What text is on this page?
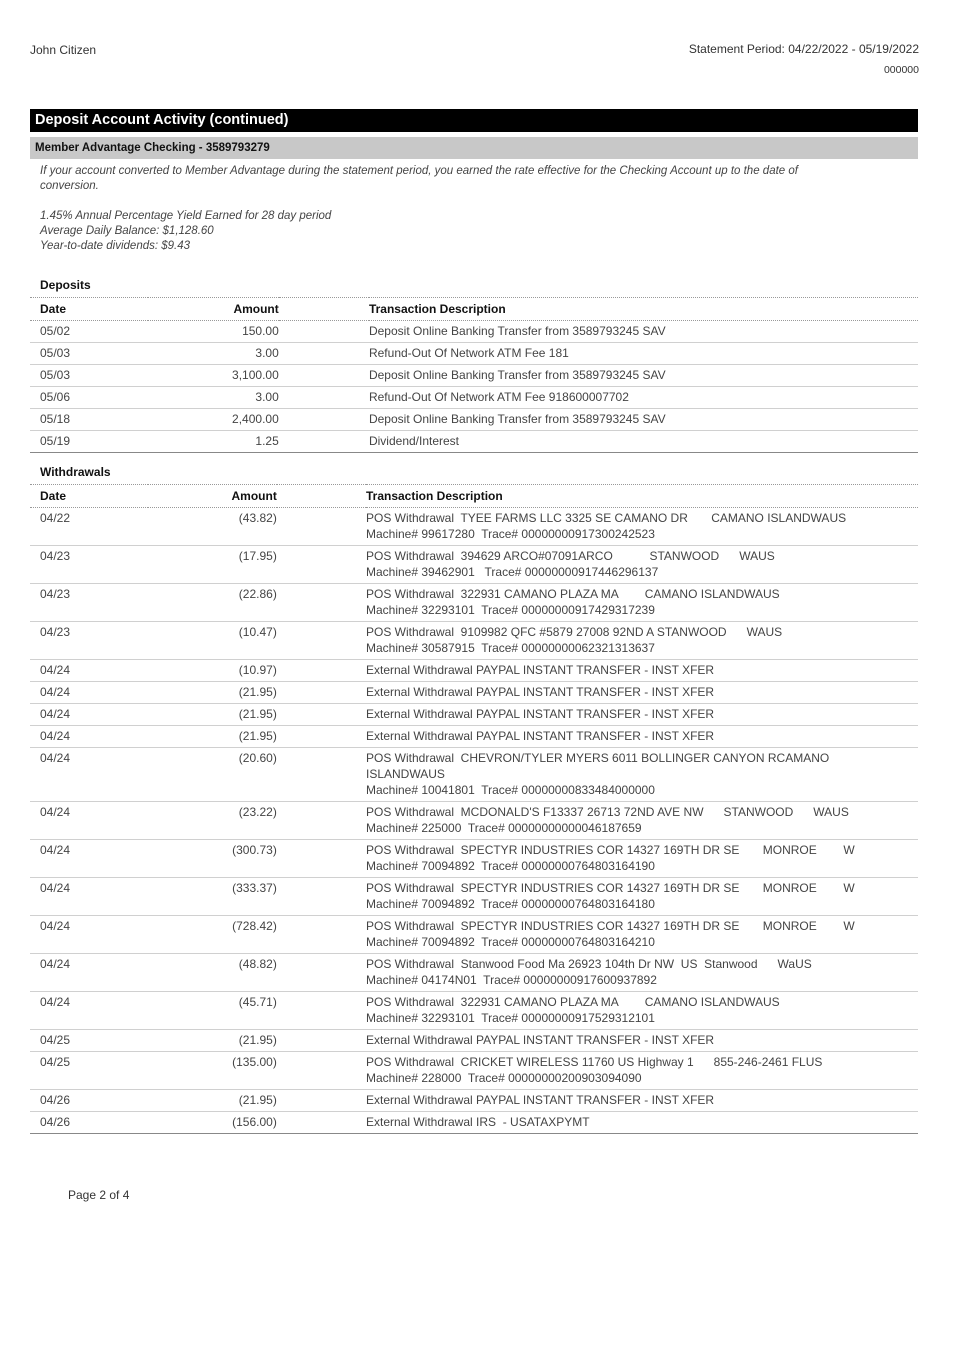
John Citizen	Statement Period: 04/22/2022 - 05/19/2022
000000
Deposit Account Activity (continued)
Member Advantage Checking - 3589793279
If your account converted to Member Advantage during the statement period, you earned the rate effective for the Checking Account up to the date of
conversion.
1.45% Annual Percentage Yield Earned for 28 day period
Average Daily Balance: $1,128.60
Year-to-date dividends: $9.43
Deposits
Date	Amount		Transaction Description
05/02	150.00		Deposit Online Banking Transfer from 3589793245 SAV

05/03	3.00		Refund-Out Of Network ATM Fee 181

05/03	3,100.00		Deposit Online Banking Transfer from 3589793245 SAV

05/06	3.00		Refund-Out Of Network ATM Fee 918600007702

05/18	2,400.00		Deposit Online Banking Transfer from 3589793245 SAV

05/19	1.25		Dividend/Interest
Withdrawals
Date	Amount		Transaction Description
04/22	(43.82)		POS Withdrawal  TYEE FARMS LLC 3325 SE CAMANO DR       CAMANO ISLANDWAUS
Machine# 99617280  Trace# 0000000091730024252​3

04/23	(17.95)		POS Withdrawal  394629 ARCO#07091ARCO           STANWOOD      WAUS
Machine# 39462901   Trace# 00000000917446296137

04/23	(22.86)		POS Withdrawal  322931 CAMANO PLAZA MA        CAMANO ISLANDWAUS
Machine# 32293101  Trace# 00000000917429317239

04/23	(10.47)		POS Withdrawal  9109982 QFC #5879 27008 92ND A STANWOOD      WAUS
Machine# 30587915  Trace# 00000000062321313637

04/24	(10.97)		External Withdrawal PAYPAL INSTANT TRANSFER - INST XFER

04/24	(21.95)		External Withdrawal PAYPAL INSTANT TRANSFER - INST XFER

04/24	(21.95)		External Withdrawal PAYPAL INSTANT TRANSFER - INST XFER

04/24	(21.95)		External Withdrawal PAYPAL INSTANT TRANSFER - INST XFER

04/24	(20.60)		POS Withdrawal  CHEVRON/TYLER MYERS 6011 BOLLINGER CANYON RCAMANO
ISLANDWAUS
Machine# 10041801  Trace# 00000000833484000000

04/24	(23.22)		POS Withdrawal  MCDONALD'S F13337 26713 72ND AVE NW      STANWOOD      WAUS
Machine# 225000  Trace# 00000000000046187659

04/24	(300.73)		POS Withdrawal  SPECTYR INDUSTRIES COR 14327 169TH DR SE       MONROE        W
Machine# 70094892  Trace# 00000000764803164190

04/24	(333.37)		POS Withdrawal  SPECTYR INDUSTRIES COR 14327 169TH DR SE       MONROE        W
Machine# 70094892  Trace# 00000000764803164180

04/24	(728.42)		POS Withdrawal  SPECTYR INDUSTRIES COR 14327 169TH DR SE       MONROE        W
Machine# 70094892  Trace# 00000000764803164210

04/24	(48.82)		POS Withdrawal  Stanwood Food Ma 26923 104th Dr NW  US  Stanwood      WaUS
Machine# 04174N01  Trace# 00000000917600937892

04/24	(45.71)		POS Withdrawal  322931 CAMANO PLAZA MA        CAMANO ISLANDWAUS
Machine# 32293101  Trace# 00000000917529312101

04/25	(21.95)		External Withdrawal PAYPAL INSTANT TRANSFER - INST XFER

04/25	(135.00)		POS Withdrawal  CRICKET WIRELESS 11760 US Highway 1      855-246-2461 FLUS
Machine# 228000  Trace# 00000000200903094090

04/26	(21.95)		External Withdrawal PAYPAL INSTANT TRANSFER - INST XFER

04/26	(156.00)		External Withdrawal IRS  - USATAXPYMT
Page 2 of 4
